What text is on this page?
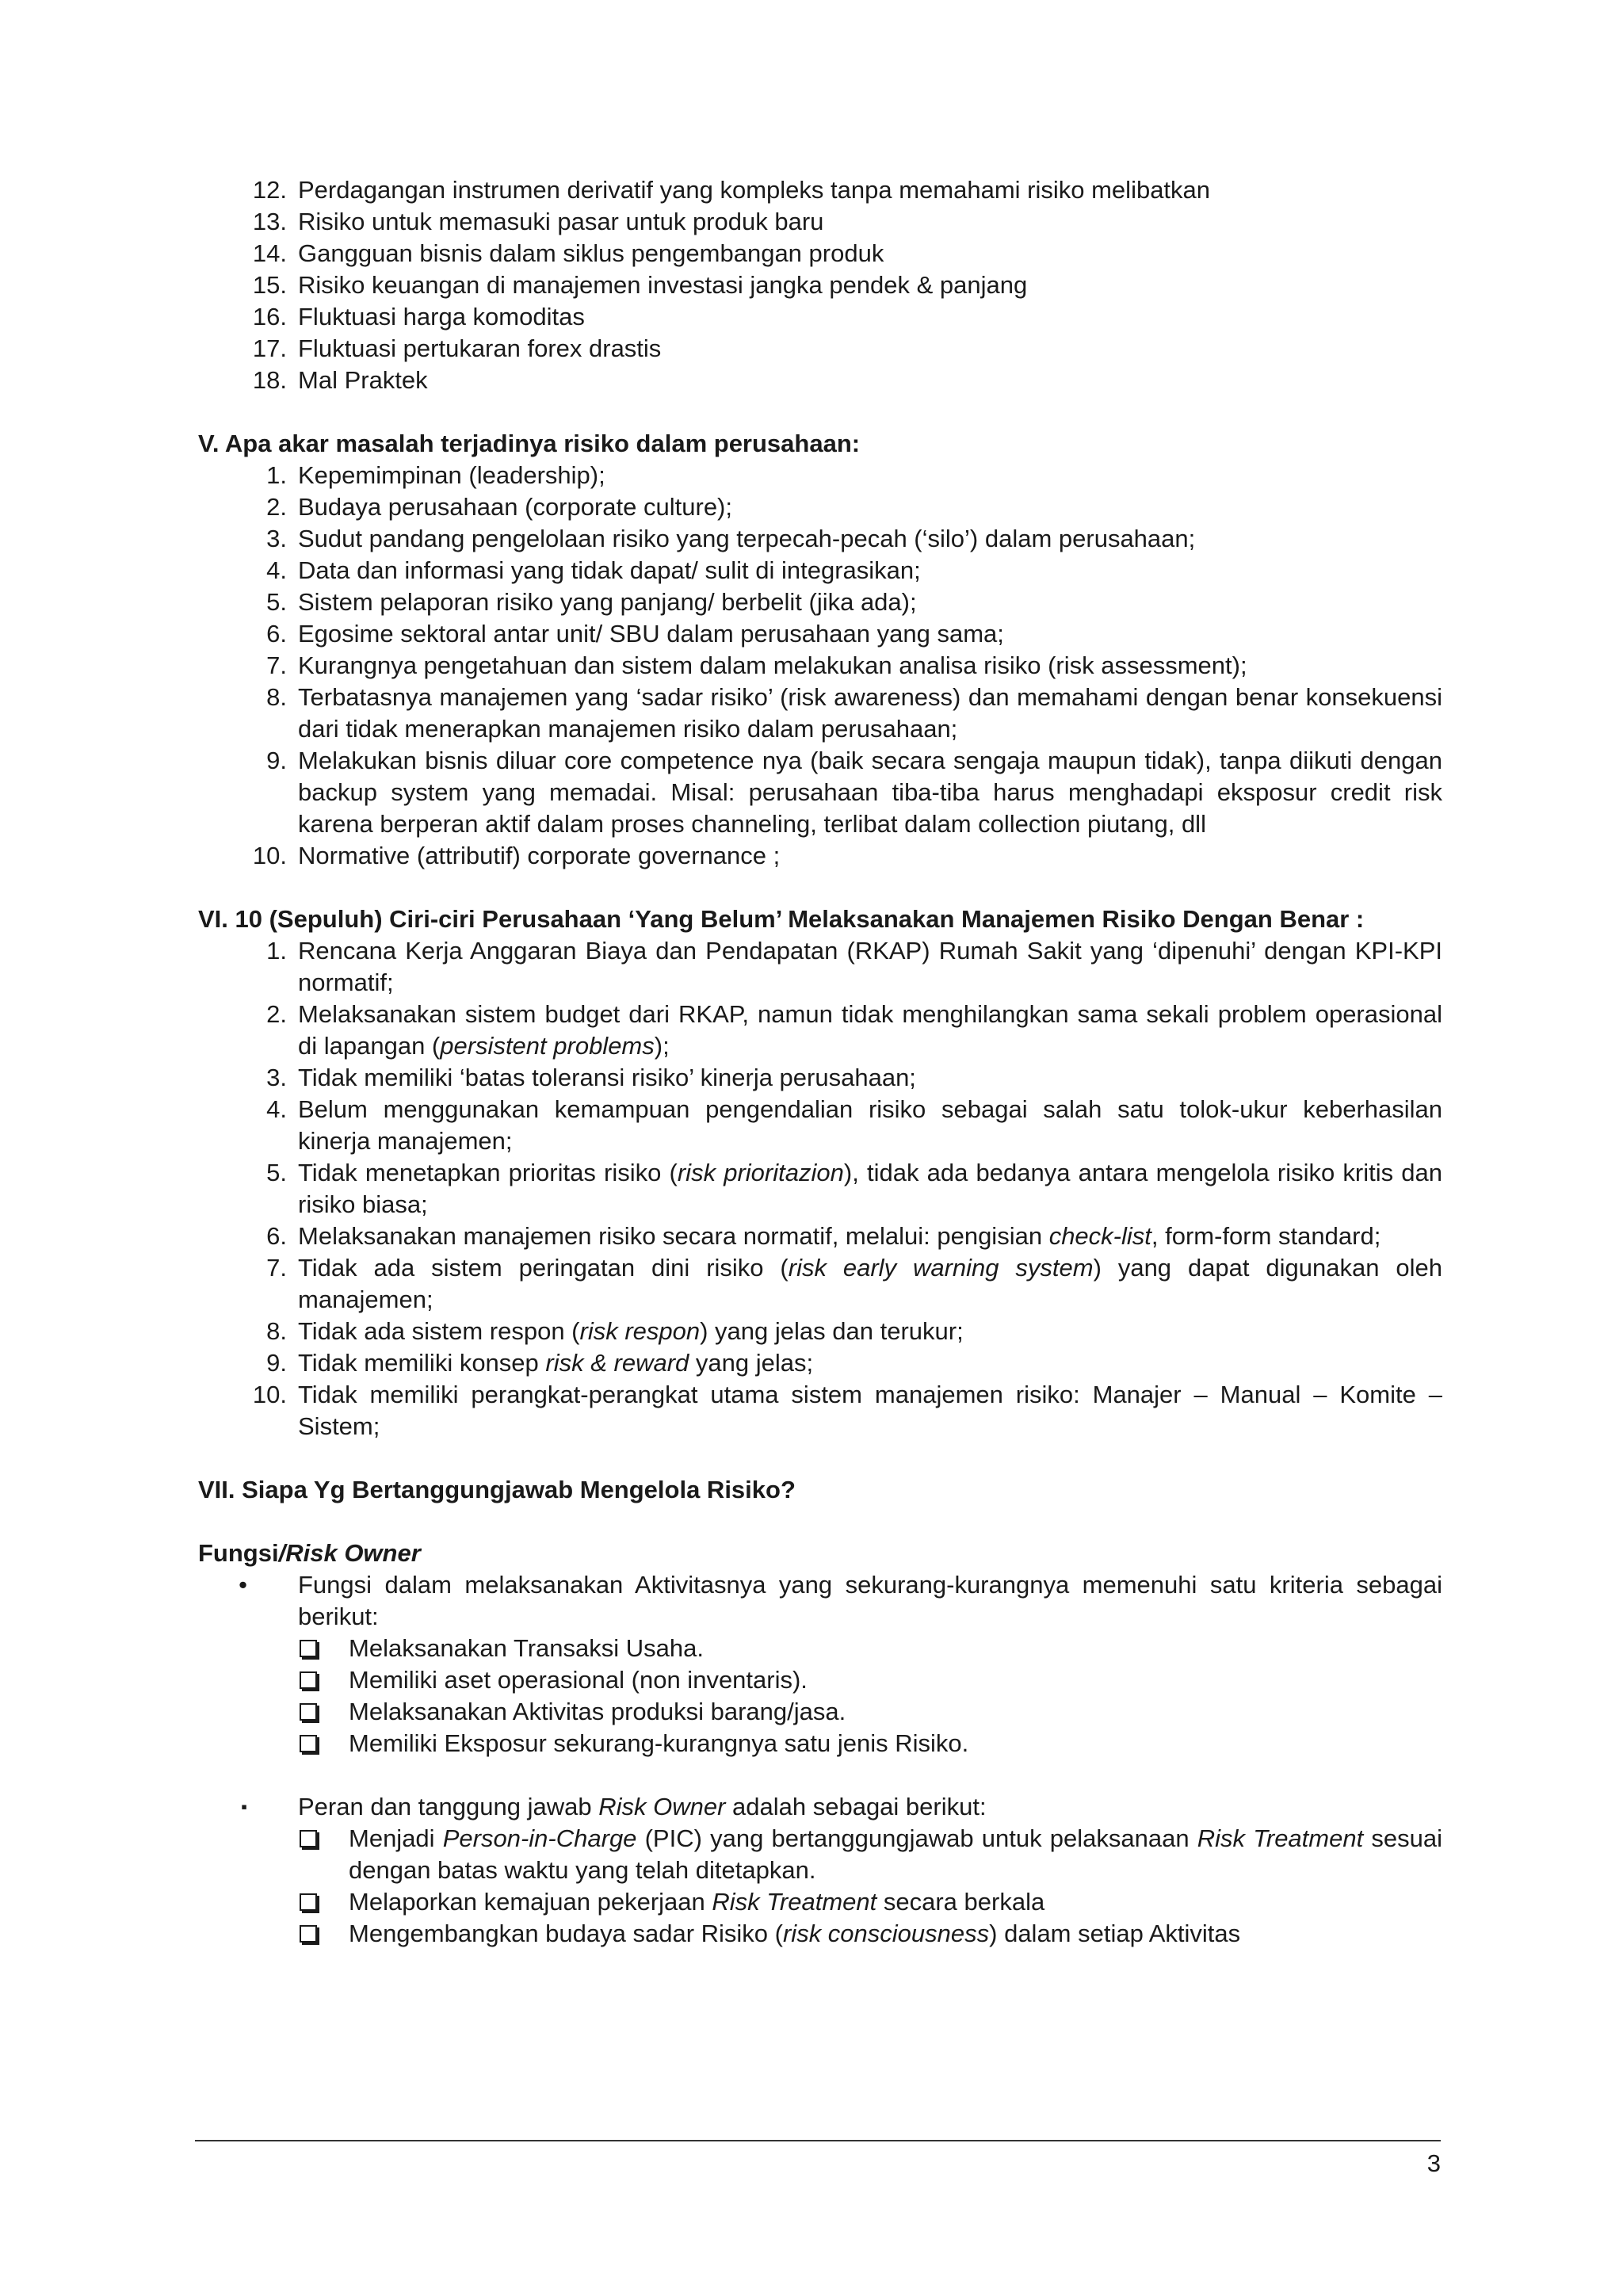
12. Perdagangan instrumen derivatif yang kompleks tanpa memahami risiko melibatkan
13. Risiko untuk memasuki pasar untuk produk baru
14. Gangguan bisnis dalam siklus pengembangan produk
15. Risiko keuangan di manajemen investasi jangka pendek & panjang
16. Fluktuasi harga komoditas
17. Fluktuasi pertukaran forex drastis
18. Mal Praktek
V. Apa akar masalah terjadinya risiko dalam perusahaan:
1. Kepemimpinan (leadership);
2. Budaya perusahaan (corporate culture);
3. Sudut pandang pengelolaan risiko yang terpecah-pecah (‘silo’) dalam perusahaan;
4. Data dan informasi yang tidak dapat/ sulit di integrasikan;
5. Sistem pelaporan risiko yang panjang/ berbelit (jika ada);
6. Egosime sektoral antar unit/ SBU dalam perusahaan yang sama;
7. Kurangnya pengetahuan dan sistem dalam melakukan analisa risiko (risk assessment);
8. Terbatasnya manajemen yang ‘sadar risiko’ (risk awareness) dan memahami dengan benar konsekuensi dari tidak menerapkan manajemen risiko dalam perusahaan;
9. Melakukan bisnis diluar core competence nya (baik secara sengaja maupun tidak), tanpa diikuti dengan backup system yang memadai. Misal: perusahaan tiba-tiba harus menghadapi eksposur credit risk karena berperan aktif dalam proses channeling, terlibat dalam collection piutang, dll
10. Normative (attributif) corporate governance ;
VI. 10 (Sepuluh) Ciri-ciri Perusahaan ‘Yang Belum’ Melaksanakan Manajemen Risiko Dengan Benar :
1. Rencana Kerja Anggaran Biaya dan Pendapatan (RKAP) Rumah Sakit yang ‘dipenuhi’ dengan KPI-KPI normatif;
2. Melaksanakan sistem budget dari RKAP, namun tidak menghilangkan sama sekali problem operasional di lapangan (persistent problems);
3. Tidak memiliki ‘batas toleransi risiko’ kinerja perusahaan;
4. Belum menggunakan kemampuan pengendalian risiko sebagai salah satu tolok-ukur keberhasilan kinerja manajemen;
5. Tidak menetapkan prioritas risiko (risk prioritazion), tidak ada bedanya antara mengelola risiko kritis dan risiko biasa;
6. Melaksanakan manajemen risiko secara normatif, melalui: pengisian check-list, form-form standard;
7. Tidak ada sistem peringatan dini risiko (risk early warning system) yang dapat digunakan oleh manajemen;
8. Tidak ada sistem respon (risk respon) yang jelas dan terukur;
9. Tidak memiliki konsep risk & reward yang jelas;
10. Tidak memiliki perangkat-perangkat utama sistem manajemen risiko: Manajer – Manual – Komite – Sistem;
VII. Siapa Yg Bertanggungjawab Mengelola Risiko?
Fungsi/Risk Owner
•	Fungsi dalam melaksanakan Aktivitasnya yang sekurang-kurangnya memenuhi satu kriteria sebagai berikut:
Melaksanakan Transaksi Usaha.
Memiliki aset operasional (non inventaris).
Melaksanakan Aktivitas produksi barang/jasa.
Memiliki Eksposur sekurang-kurangnya satu jenis Risiko.
▪	Peran dan tanggung jawab Risk Owner adalah sebagai berikut:
Menjadi Person-in-Charge (PIC) yang bertanggungjawab untuk pelaksanaan Risk Treatment sesuai dengan batas waktu yang telah ditetapkan.
Melaporkan kemajuan pekerjaan Risk Treatment secara berkala
Mengembangkan budaya sadar Risiko (risk consciousness) dalam setiap Aktivitas
3
